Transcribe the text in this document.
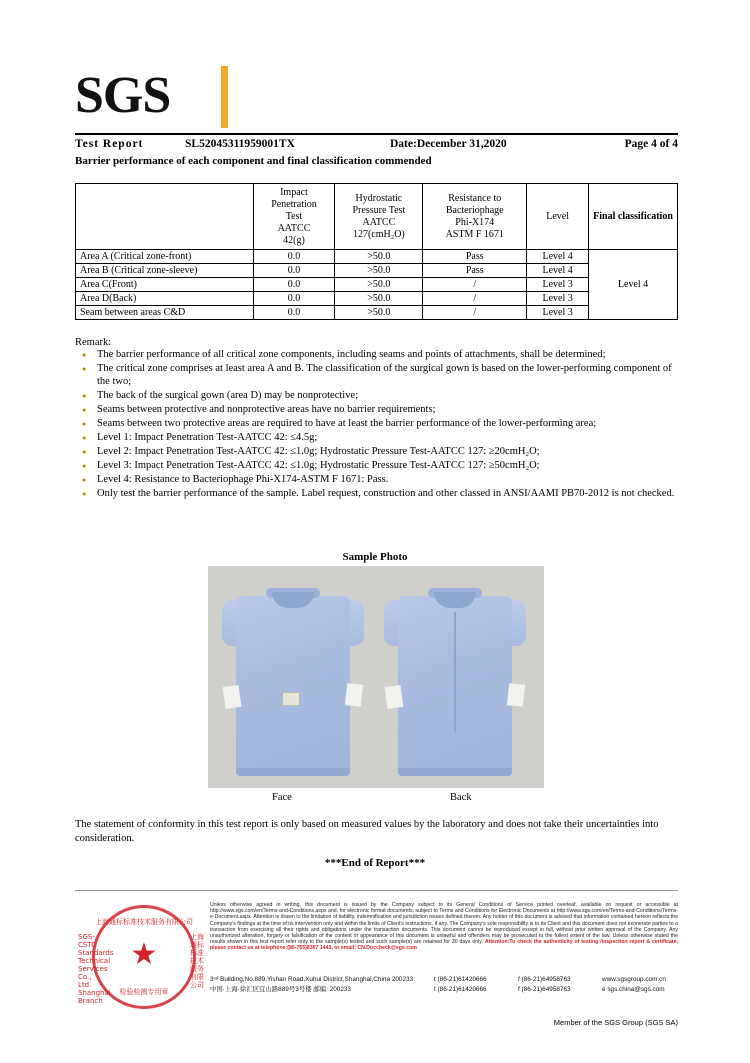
SGS
Test Report	SL52045311959001TX	Date:December 31,2020	Page 4 of 4
Barrier performance of each component and final classification commended
	Impact
Penetration
Test
AATCC
42(g)	Hydrostatic
Pressure Test
AATCC
127(cmH₂O)	Resistance to
Bacteriophage
Phi-X174
ASTM F 1671	Level	Final classification
Area A (Critical zone-front)	0.0	>50.0	Pass	Level 4	Level 4
Area B (Critical zone-sleeve)	0.0	>50.0	Pass	Level 4	
Area C(Front)	0.0	>50.0	/	Level 3	
Area D(Back)	0.0	>50.0	/	Level 3	
Seam between areas C&D	0.0	>50.0	/	Level 3	
Remark:
● The barrier performance of all critical zone components, including seams and points of attachments, shall be determined;
● The critical zone comprises at least area A and B. The classification of the surgical gown is based on the lower-performing component of the two;
● The back of the surgical gown (area D) may be nonprotective;
● Seams between protective and nonprotective areas have no barrier requirements;
● Seams between two protective areas are required to have at least the barrier performance of the lower-performing area;
● Level 1: Impact Penetration Test-AATCC 42: ≤4.5g;
● Level 2: Impact Penetration Test-AATCC 42: ≤1.0g; Hydrostatic Pressure Test-AATCC 127: ≥20cmH₂O;
● Level 3: Impact Penetration Test-AATCC 42: ≤1.0g; Hydrostatic Pressure Test-AATCC 127: ≥50cmH₂O;
● Level 4: Resistance to Bacteriophage Phi-X174-ASTM F 1671: Pass.
● Only test the barrier performance of the sample. Label request, construction and other classed in ANSI/AAMI PB70-2012 is not checked.
Sample Photo
Face	Back
The statement of conformity in this test report is only based on measured values by the laboratory and does not take their uncertainties into consideration.
***End of Report***
上海通标标准技术服务有限公司
★
检验检测专用章
SGS-CSTC Standards Technical Services Co., Ltd. Shanghai Branch
上海通标标准技术服务有限公司
Unless otherwise agreed in writing, this document is issued by the Company subject to its General Conditions of Service printed overleaf, available on request or accessible at http://www.sgs.com/en/Terms-and-Conditions.aspx and, for electronic format documents, subject to Terms and Conditions for Electronic Documents at http://www.sgs.com/en/Terms-and-Conditions/Terms-e-Document.aspx. Attention is drawn to the limitation of liability, indemnification and jurisdiction issues defined therein. Any holder of this document is advised that information contained hereon reflects the Company's findings at the time of its intervention only and within the limits of Client's instructions, if any. The Company's sole responsibility is to its Client and this document does not exonerate parties to a transaction from exercising all their rights and obligations under the transaction documents. This document cannot be reproduced except in full, without prior written approval of the Company. Any unauthorized alteration, forgery or falsification of the content or appearance of this document is unlawful and offenders may be prosecuted to the fullest extent of the law. Unless otherwise stated the results shown in this test report refer only to the sample(s) tested and such sample(s) are retained for 30 days only. Attention:To check the authenticity of testing /inspection report & certificate, please contact us at telephone:(86-755)8307 1443, or email: CN.Doccheck@sgs.com
3ⁿᵈ Building,No.889,Yishan Road,Xuhui District,Shanghai,China 200233	t (86-21)61420666	f (86-21)64958763	www.sgsgroup.com.cn
中国·上海·徐汇区宜山路889号3号楼 邮编: 200233	t (86-21)61420666	f (86-21)64958763	e sgs.china@sgs.com
Member of the SGS Group (SGS SA)
